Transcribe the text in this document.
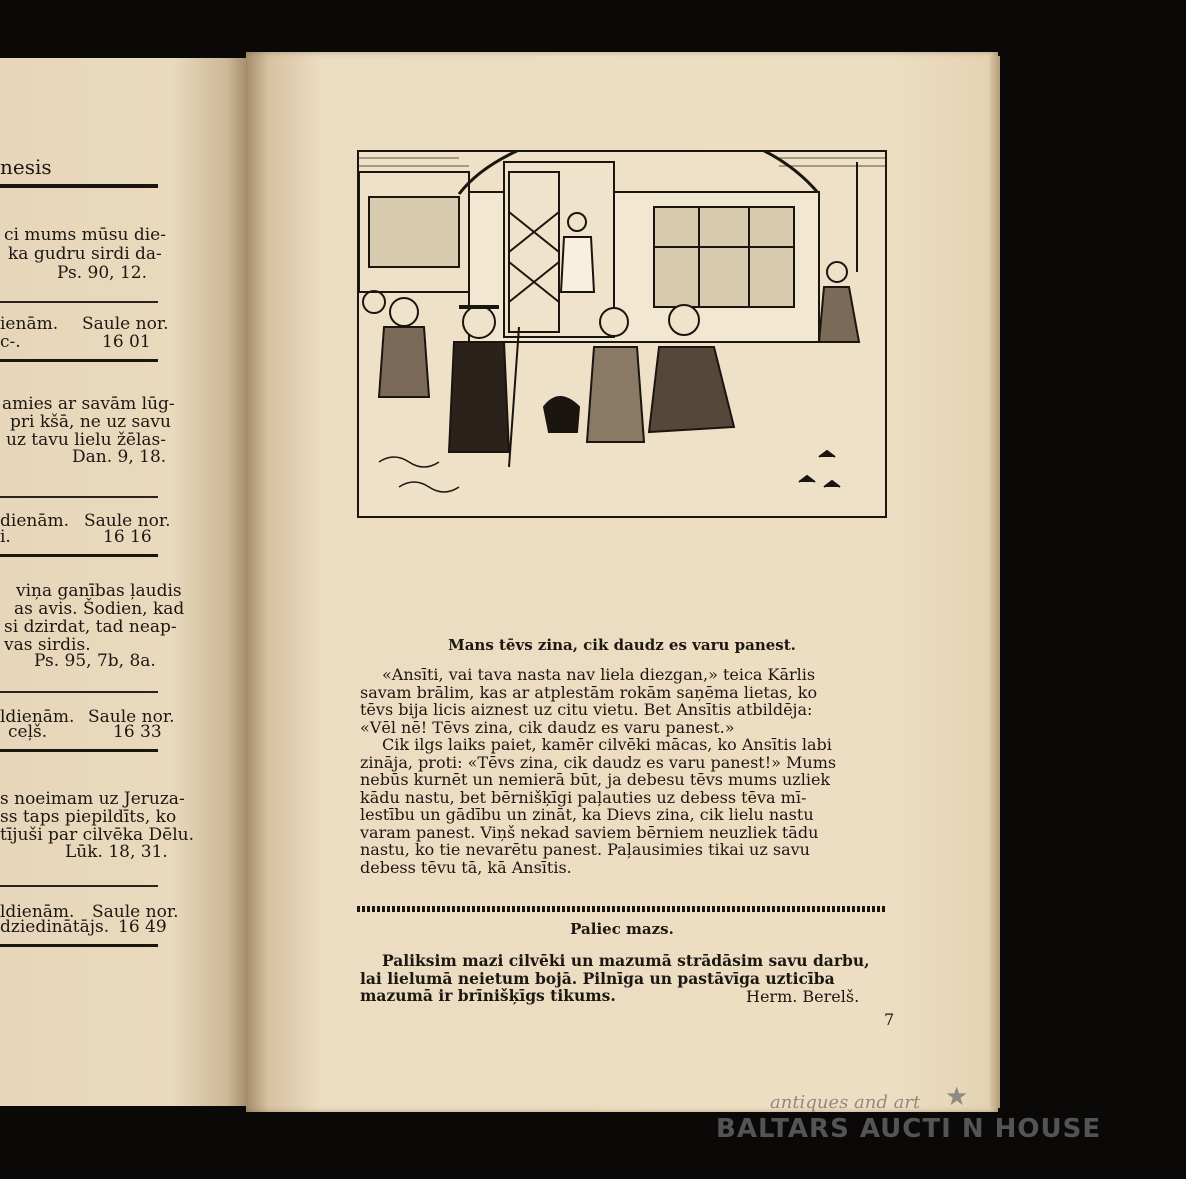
nesis
ci mums mūsu die-
ka gudru sirdi da-
Ps. 90, 12.
ienām. Saule nor.
c-.	16 01
amies ar savām lūg-
pri kšā, ne uz savu
uz tavu lielu žēlas-
Dan. 9, 18.
dienām. Saule nor.
i.	16 16
viņa ganības ļaudis
as avis. Šodien, kad
si dzirdat, tad neap-
vas sirdis.
Ps. 95, 7b, 8a.
ldienām. Saule nor.
ceļš.	16 33
s noeimam uz Jeruza-
ss taps piepildīts, ko
tījuši par cilvēka Dēlu.
Lūk. 18, 31.
ldienām. Saule nor.
dziedinātājs. 16 49
Mans tēvs zina, cik daudz es varu panest.
«Ansīti, vai tava nasta nav liela diezgan,» teica Kārlis
savam brālim, kas ar atplestām rokām saņēma lietas, ko
tēvs bija licis aiznest uz citu vietu. Bet Ansītis atbildēja:
«Vēl nē! Tēvs zina, cik daudz es varu panest.»
Cik ilgs laiks paiet, kamēr cilvēki mācas, ko Ansītis labi
zināja, proti: «Tēvs zina, cik daudz es varu panest!» Mums
nebūs kurnēt un nemierā būt, ja debesu tēvs mums uzliek
kādu nastu, bet bērnišķīgi paļauties uz debess tēva mī-
lestību un gādību un zināt, ka Dievs zina, cik lielu nastu
varam panest. Viņš nekad saviem bērniem neuzliek tādu
nastu, ko tie nevarētu panest. Paļausimies tikai uz savu
debess tēvu tā, kā Ansītis.
Paliec mazs.
Paliksim mazi cilvēki un mazumā strādāsim savu darbu,
lai lielumā neietum bojā. Pilnīga un pastāvīga uzticība
mazumā ir brīnišķīgs tikums.	Herm. Berelš.
7
antiques and art ★
BALTARS AUCTI N HOUSE
